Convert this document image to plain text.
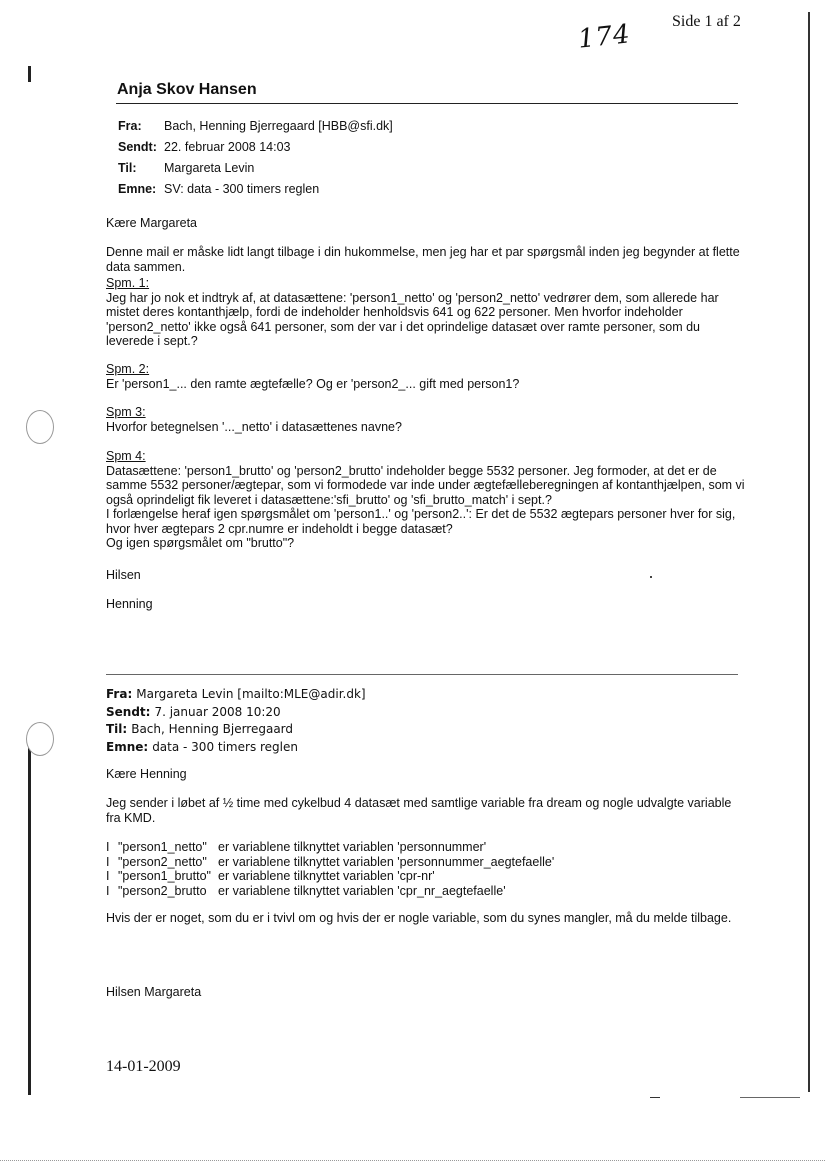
Side 1 af 2
174
Anja Skov Hansen
Fra: Bach, Henning Bjerregaard [HBB@sfi.dk]
Sendt: 22. februar 2008 14:03
Til: Margareta Levin
Emne: SV: data - 300 timers reglen
Kære Margareta
Denne mail er måske lidt langt tilbage i din hukommelse, men jeg har et par spørgsmål inden jeg begynder at flette data sammen.

Spm. 1:

Jeg har jo nok et indtryk af, at datasættene: 'person1_netto' og 'person2_netto' vedrører dem, som allerede har mistet deres kontanthjælp, fordi de indeholder henholdsvis 641 og 622 personer. Men hvorfor indeholder 'person2_netto' ikke også 641 personer, som der var i det oprindelige datasæt over ramte personer, som du leverede i sept.?

Spm. 2:

Er 'person1_... den ramte ægtefælle? Og er 'person2_... gift med person1?

Spm 3:

Hvorfor betegnelsen '..._netto' i datasættenes navne?

Spm 4:

Datasættene: 'person1_brutto' og 'person2_brutto' indeholder begge 5532 personer. Jeg formoder, at det er de samme 5532 personer/ægtepar, som vi formodede var inde under ægtefælleberegningen af kontanthjælpen, som vi også oprindeligt fik leveret i datasættene:'sfi_brutto' og 'sfi_brutto_match' i sept.?

I forlængelse heraf igen spørgsmålet om 'person1..' og 'person2..': Er det de 5532 ægtepars personer hver for sig, hvor hver ægtepars 2 cpr.numre er indeholdt i begge datasæt?

Og igen spørgsmålet om "brutto"?

Hilsen
Henning
Fra: Margareta Levin [mailto:MLE@adir.dk]
Sendt: 7. januar 2008 10:20
Til: Bach, Henning Bjerregaard
Emne: data - 300 timers reglen
Kære Henning
Jeg sender i løbet af ½ time med cykelbud 4 datasæt med samtlige variable fra dream og nogle udvalgte variable fra KMD.
I "person1_netto" er variablene tilknyttet variablen 'personnummer'
I "person2_netto" er variablene tilknyttet variablen 'personnummer_aegtefaelle'
I "person1_brutto" er variablene tilknyttet variablen 'cpr-nr'
I "person2_brutto er variablene tilknyttet variablen 'cpr_nr_aegtefaelle'
Hvis der er noget, som du er i tvivl om og hvis der er nogle variable, som du synes mangler, må du melde tilbage.
Hilsen Margareta
14-01-2009
